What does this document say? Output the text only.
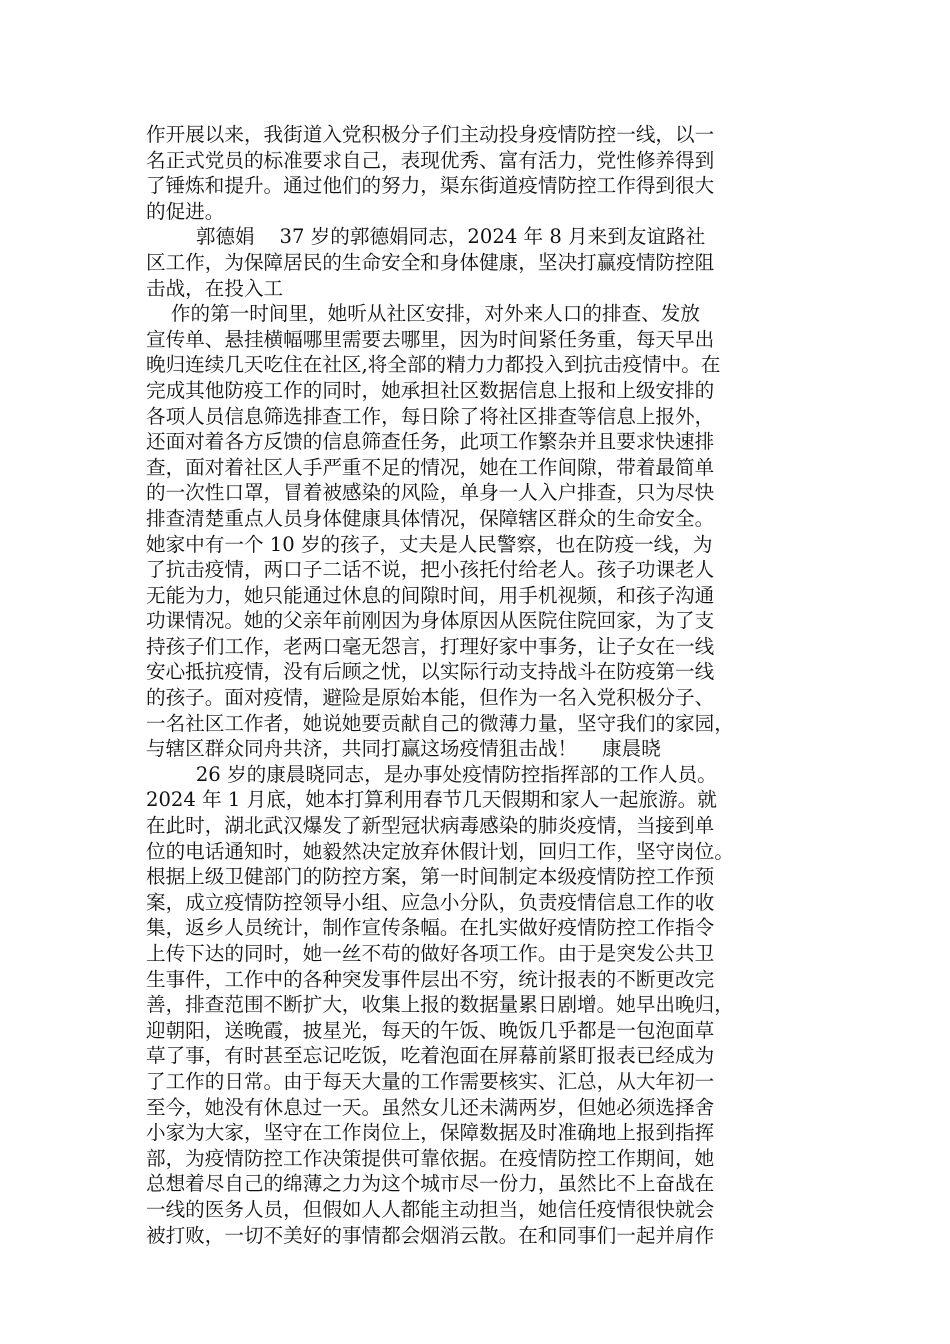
作开展以来，我街道入党积极分子们主动投身疫情防控一线，以一
名正式党员的标准要求自己，表现优秀、富有活力，党性修养得到
了锤炼和提升。通过他们的努力，渠东街道疫情防控工作得到很大
的促进。
郭德娟    37 岁的郭德娟同志，2024 年 8 月来到友谊路社
区工作，为保障居民的生命安全和身体健康，坚决打赢疫情防控阻
击战，在投入工
作的第一时间里，她听从社区安排，对外来人口的排查、发放
宣传单、悬挂横幅哪里需要去哪里，因为时间紧任务重，每天早出
晚归连续几天吃住在社区,将全部的精力力都投入到抗击疫情中。在
完成其他防疫工作的同时，她承担社区数据信息上报和上级安排的
各项人员信息筛选排查工作，每日除了将社区排查等信息上报外，
还面对着各方反馈的信息筛查任务，此项工作繁杂并且要求快速排
查，面对着社区人手严重不足的情况，她在工作间隙，带着最简单
的一次性口罩，冒着被感染的风险，单身一人入户排查，只为尽快
排查清楚重点人员身体健康具体情况，保障辖区群众的生命安全。
她家中有一个 10 岁的孩子，丈夫是人民警察，也在防疫一线，为
了抗击疫情，两口子二话不说，把小孩托付给老人。孩子功课老人
无能为力，她只能通过休息的间隙时间，用手机视频，和孩子沟通
功课情况。她的父亲年前刚因为身体原因从医院住院回家，为了支
持孩子们工作，老两口毫无怨言，打理好家中事务，让子女在一线
安心抵抗疫情，没有后顾之忧，以实际行动支持战斗在防疫第一线
的孩子。面对疫情，避险是原始本能，但作为一名入党积极分子、
一名社区工作者，她说她要贡献自己的微薄力量，坚守我们的家园，
与辖区群众同舟共济，共同打赢这场疫情狙击战！    康晨晓
26 岁的康晨晓同志，是办事处疫情防控指挥部的工作人员。
2024 年 1 月底，她本打算利用春节几天假期和家人一起旅游。就
在此时，湖北武汉爆发了新型冠状病毒感染的肺炎疫情，当接到单
位的电话通知时，她毅然决定放弃休假计划，回归工作，坚守岗位。
根据上级卫健部门的防控方案，第一时间制定本级疫情防控工作预
案，成立疫情防控领导小组、应急小分队，负责疫情信息工作的收
集，返乡人员统计，制作宣传条幅。在扎实做好疫情防控工作指令
上传下达的同时，她一丝不苟的做好各项工作。由于是突发公共卫
生事件，工作中的各种突发事件层出不穷，统计报表的不断更改完
善，排查范围不断扩大，收集上报的数据量累日剧增。她早出晚归，
迎朝阳，送晚霞，披星光，每天的午饭、晚饭几乎都是一包泡面草
草了事，有时甚至忘记吃饭，吃着泡面在屏幕前紧盯报表已经成为
了工作的日常。由于每天大量的工作需要核实、汇总，从大年初一
至今，她没有休息过一天。虽然女儿还未满两岁，但她必须选择舍
小家为大家，坚守在工作岗位上，保障数据及时准确地上报到指挥
部，为疫情防控工作决策提供可靠依据。在疫情防控工作期间，她
总想着尽自己的绵薄之力为这个城市尽一份力，虽然比不上奋战在
一线的医务人员，但假如人人都能主动担当，她信任疫情很快就会
被打败，一切不美好的事情都会烟消云散。在和同事们一起并肩作
